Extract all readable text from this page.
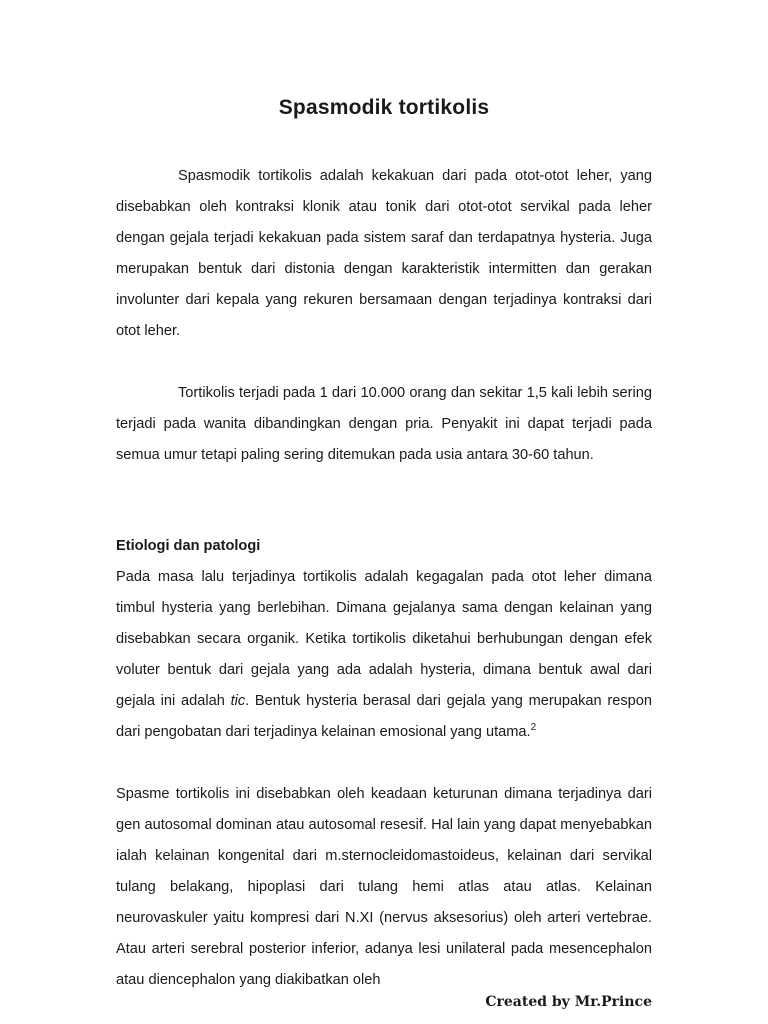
Spasmodik tortikolis

Spasmodik tortikolis adalah kekakuan dari pada otot-otot leher, yang disebabkan oleh kontraksi klonik atau tonik dari otot-otot servikal pada leher dengan gejala terjadi kekakuan pada sistem saraf dan terdapatnya hysteria. Juga merupakan bentuk dari distonia dengan karakteristik intermitten dan gerakan involunter dari kepala yang rekuren bersamaan dengan terjadinya kontraksi dari otot leher.

Tortikolis terjadi pada 1 dari 10.000 orang dan sekitar 1,5 kali lebih sering terjadi pada wanita dibandingkan dengan pria. Penyakit ini dapat terjadi pada semua umur tetapi paling sering ditemukan pada usia antara 30-60 tahun.

Etiologi dan patologi

Pada masa lalu terjadinya tortikolis adalah kegagalan pada otot leher dimana timbul hysteria yang berlebihan. Dimana gejalanya sama dengan kelainan yang disebabkan secara organik. Ketika tortikolis diketahui berhubungan dengan efek voluter bentuk dari gejala yang ada adalah hysteria, dimana bentuk awal dari gejala ini adalah tic. Bentuk hysteria berasal dari gejala yang merupakan respon dari pengobatan dari terjadinya kelainan emosional yang utama.$^2$

Spasme tortikolis ini disebabkan oleh keadaan keturunan dimana terjadinya dari gen autosomal dominan atau autosomal resesif. Hal lain yang dapat menyebabkan ialah kelainan kongenital dari m.sternocleidomastoideus, kelainan dari servikal tulang belakang, hipoplasi dari tulang hemi atlas atau atlas. Kelainan neurovaskuler yaitu kompresi dari N.XI (nervus aksesorius) oleh arteri vertebrae. Atau arteri serebral posterior inferior, adanya lesi unilateral pada mesencephalon atau diencephalon yang diakibatkan oleh

Created by Mr.Prince
